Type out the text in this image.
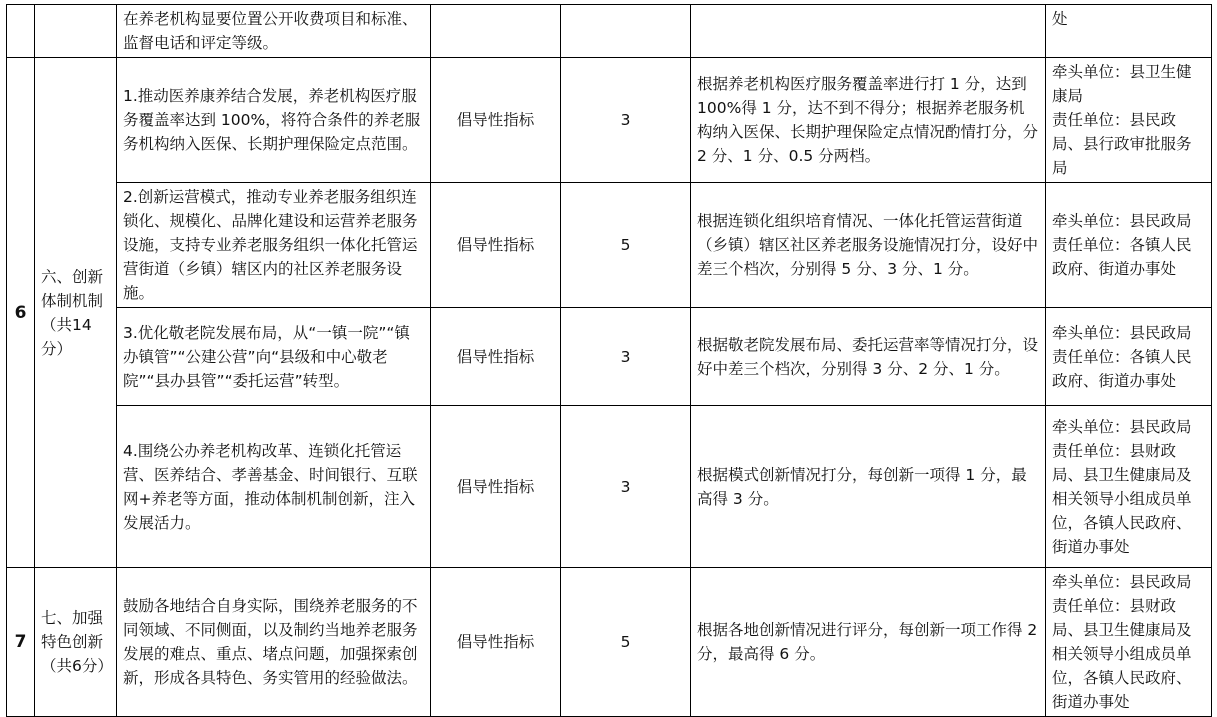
		在养老机构显要位置公开收费项目和标准、监督电话和评定等级。				处
6	六、创新体制机制（共14分）	1.推动医养康养结合发展，养老机构医疗服务覆盖率达到 100%，将符合条件的养老服务机构纳入医保、长期护理保险定点范围。	倡导性指标	3	根据养老机构医疗服务覆盖率进行打 1 分，达到 100%得 1 分，达不到不得分；根据养老服务机构纳入医保、长期护理保险定点情况酌情打分，分 2 分、1 分、0.5 分两档。	牵头单位：县卫生健康局
责任单位：县民政局、县行政审批服务局
		2.创新运营模式，推动专业养老服务组织连锁化、规模化、品牌化建设和运营养老服务设施，支持专业养老服务组织一体化托管运营街道（乡镇）辖区内的社区养老服务设施。	倡导性指标	5	根据连锁化组织培育情况、一体化托管运营街道（乡镇）辖区社区养老服务设施情况打分，设好中差三个档次，分别得 5 分、3 分、1 分。	牵头单位：县民政局
责任单位：各镇人民政府、街道办事处
		3.优化敬老院发展布局，从“一镇一院”“镇办镇管”“公建公营”向“县级和中心敬老院”“县办县管”“委托运营”转型。	倡导性指标	3	根据敬老院发展布局、委托运营率等情况打分，设好中差三个档次，分别得 3 分、2 分、1 分。	牵头单位：县民政局
责任单位：各镇人民政府、街道办事处
		4.围绕公办养老机构改革、连锁化托管运营、医养结合、孝善基金、时间银行、互联网+养老等方面，推动体制机制创新，注入发展活力。	倡导性指标	3	根据模式创新情况打分，每创新一项得 1 分，最高得 3 分。	牵头单位：县民政局
责任单位：县财政局、县卫生健康局及相关领导小组成员单位，各镇人民政府、街道办事处
7	七、加强特色创新（共6分）	鼓励各地结合自身实际，围绕养老服务的不同领域、不同侧面，以及制约当地养老服务发展的难点、重点、堵点问题，加强探索创新，形成各具特色、务实管用的经验做法。	倡导性指标	5	根据各地创新情况进行评分，每创新一项工作得 2 分，最高得 6 分。	牵头单位：县民政局
责任单位：县财政局、县卫生健康局及相关领导小组成员单位，各镇人民政府、街道办事处
